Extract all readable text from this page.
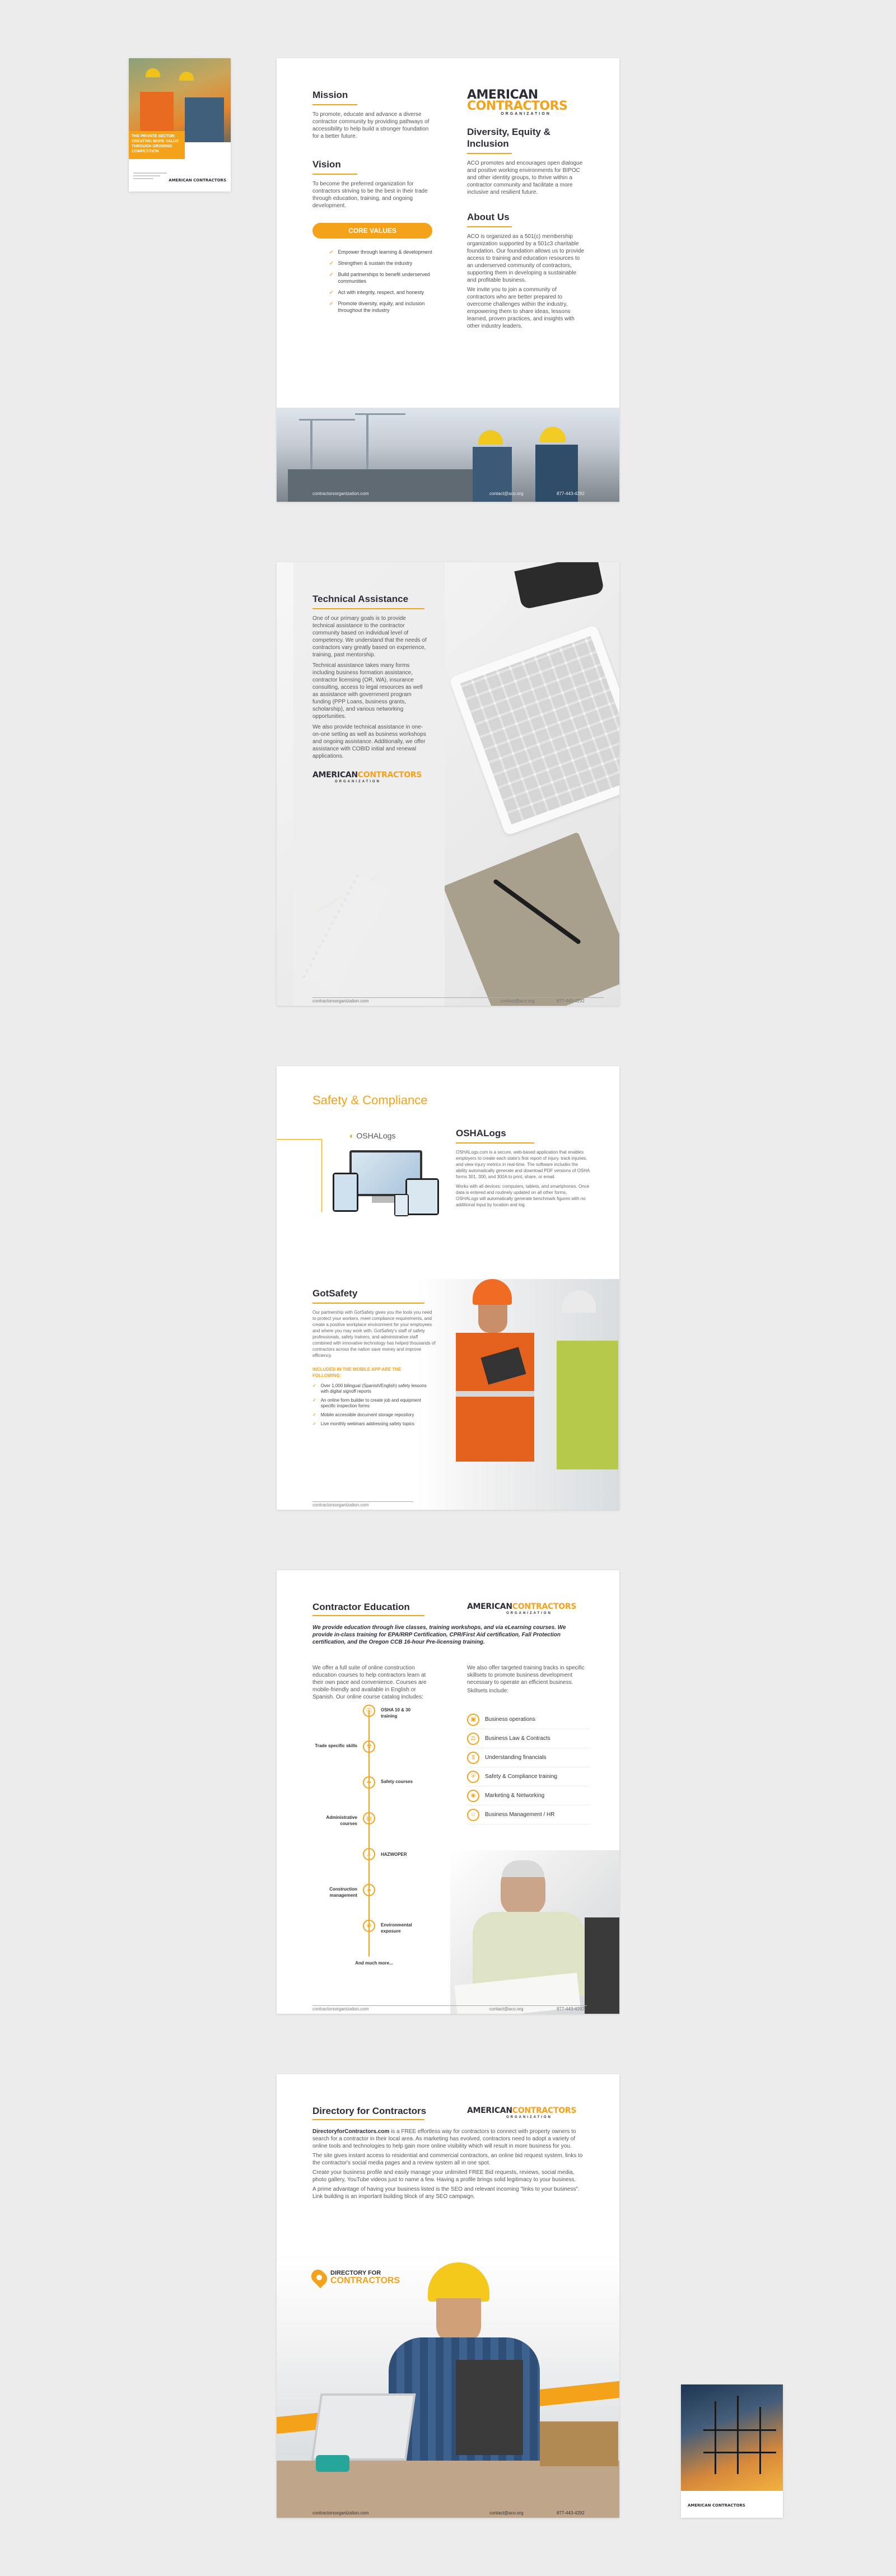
THE PRIVATE SECTOR: CREATING MORE VALUE THROUGH GROWING COMPETITION
AMERICAN CONTRACTORS
Mission
To promote, educate and advance a diverse contractor community by providing pathways of accessibility to help build a stronger foundation for a better future.
Vision
To become the preferred organization for contractors striving to be the best in their trade through education, training, and ongoing development.
CORE VALUES
✓ Empower through learning & development
✓ Strengthen & sustain the industry
✓ Build partnerships to benefit underserved communities
✓ Act with integrity, respect, and honesty
✓ Promote diversity, equity, and inclusion throughout the industry
AMERICAN
CONTRACTORS
ORGANIZATION
Diversity, Equity & Inclusion
ACO promotes and encourages open dialogue and positive working environments for BIPOC and other identity groups, to thrive within a contractor community and facilitate a more inclusive and resilient future.
About Us
ACO is organized as a 501(c) membership organization supported by a 501c3 charitable foundation. Our foundation allows us to provide access to training and education resources to an underserved community of contractors, supporting them in developing a sustainable and profitable business.
We invite you to join a community of contractors who are better prepared to overcome challenges within the industry, empowering them to share ideas, lessons learned, proven practices, and insights with other industry leaders.
contractorsorganization.com	contact@aco.org	877-443-4292
Technical Assistance
One of our primary goals is to provide technical assistance to the contractor community based on individual level of competency. We understand that the needs of contractors vary greatly based on experience, training, past mentorship.
Technical assistance takes many forms including business formation assistance, contractor licensing (OR, WA), insurance consulting, access to legal resources as well as assistance with government program funding (PPP Loans, business grants, scholarship), and various networking opportunities.
We also provide technical assistance in one-on-one setting as well as business workshops and ongoing assistance. Additionally, we offer assistance with COBID initial and renewal applications.
AMERICANCONTRACTORS
ORGANIZATION
contractorsorganization.com	contact@aco.org	877-443-4292
Safety & Compliance
◐ OSHALogs	OSHALogs
OSHALogs.com is a secure, web-based application that enables employers to create each state's first report of injury, track injuries, and view injury metrics in real-time. The software includes the ability automatically generate and download PDF versions of OSHA forms 301, 300, and 300A to print, share, or email.
Works with all devices: computers, tablets, and smartphones. Once data is entered and routinely updated on all other forms, OSHALogs will automatically generate benchmark figures with no additional input by location and log.
GotSafety
Our partnership with GotSafety gives you the tools you need to protect your workers, meet compliance requirements, and create a positive workplace environment for your employees and where you may work with. GotSafety's staff of safety professionals, safety trainers, and administrative staff combined with innovative technology has helped thousands of contractors across the nation save money and improve efficiency.
INCLUDED IN THE MOBILE APP ARE THE FOLLOWING:
✓ Over 1,000 bilingual (Spanish/English) safety lessons with digital signoff reports
✓ An online form builder to create job and equipment specific inspection forms
✓ Mobile accessible document storage repository
✓ Live monthly webinars addressing safety topics
contractorsorganization.com
Contractor Education	AMERICANCONTRACTORS
ORGANIZATION
We provide education through live classes, training workshops, and via eLearning courses. We provide in-class training for EPA/RRP Certification, CPR/First Aid certification, Fall Protection certification, and the Oregon CCB 16-hour Pre-licensing training.
We offer a full suite of online construction education courses to help contractors learn at their own pace and convenience. Courses are mobile-friendly and available in English or Spanish. Our online course catalog includes:
We also offer targeted training tracks in specific skillsets to promote business development necessary to operate an efficient business.
Skillsets include:
⛑	OSHA 10 & 30 training
⚒
Trade specific skills
✚	Safety courses
▤
Administrative courses
⚠	HAZWOPER
◈
Construction management
❋	Environmental exposure
And much more...
▣	Business operations
⚖	Business Law & Contracts
$	Understanding financials
⛨	Safety & Compliance training
◉	Marketing & Networking
☺	Business Management / HR
contractorsorganization.com	contact@aco.org	877-443-4292
Directory for Contractors	AMERICANCONTRACTORS
ORGANIZATION
DirectoryforContractors.com is a FREE effortless way for contractors to connect with property owners to search for a contractor in their local area. As marketing has evolved, contractors need to adopt a variety of online tools and technologies to help gain more online visibility which will result in more business for you.
The site gives instant access to residential and commercial contractors, an online bid request system, links to the contractor's social media pages and a review system all in one spot.
Create your business profile and easily manage your unlimited FREE Bid requests, reviews, social media, photo gallery, YouTube videos just to name a few. Having a profile brings solid legitimacy to your business.
A prime advantage of having your business listed is the SEO and relevant incoming "links to your business". Link building is an important building block of any SEO campaign.
DIRECTORY FOR
CONTRACTORS
contractorsorganization.com	contact@aco.org	877-443-4292
AMERICAN CONTRACTORS
